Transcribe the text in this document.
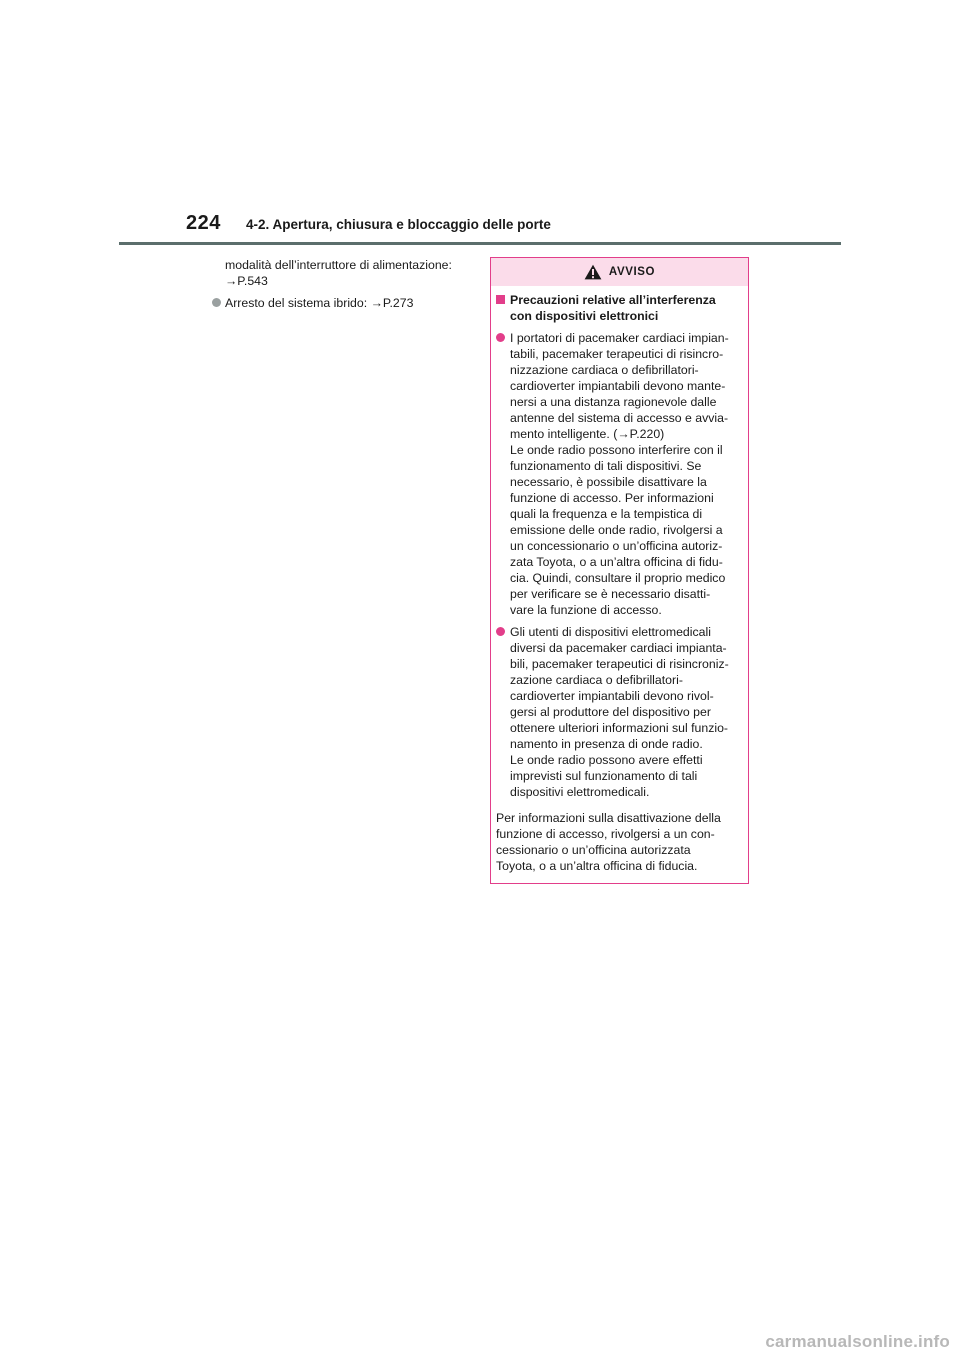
224 4-2. Apertura, chiusura e bloccaggio delle porte
modalità dell’interruttore di alimentazione:
→P.543
Arresto del sistema ibrido: →P.273
AVVISO
Precauzioni relative all’interferenza
con dispositivi elettronici
I portatori di pacemaker cardiaci impian-
tabili, pacemaker terapeutici di risincro-
nizzazione cardiaca o defibrillatori-
cardioverter impiantabili devono mante-
nersi a una distanza ragionevole dalle
antenne del sistema di accesso e avvia-
mento intelligente. (→P.220)
Le onde radio possono interferire con il
funzionamento di tali dispositivi. Se
necessario, è possibile disattivare la
funzione di accesso. Per informazioni
quali la frequenza e la tempistica di
emissione delle onde radio, rivolgersi a
un concessionario o un’officina autoriz-
zata Toyota, o a un’altra officina di fidu-
cia. Quindi, consultare il proprio medico
per verificare se è necessario disatti-
vare la funzione di accesso.
Gli utenti di dispositivi elettromedicali
diversi da pacemaker cardiaci impianta-
bili, pacemaker terapeutici di risincroniz-
zazione cardiaca o defibrillatori-
cardioverter impiantabili devono rivol-
gersi al produttore del dispositivo per
ottenere ulteriori informazioni sul funzio-
namento in presenza di onde radio.
Le onde radio possono avere effetti
imprevisti sul funzionamento di tali
dispositivi elettromedicali.
Per informazioni sulla disattivazione della
funzione di accesso, rivolgersi a un con-
cessionario o un’officina autorizzata
Toyota, o a un’altra officina di fiducia.
carmanualsonline.info
